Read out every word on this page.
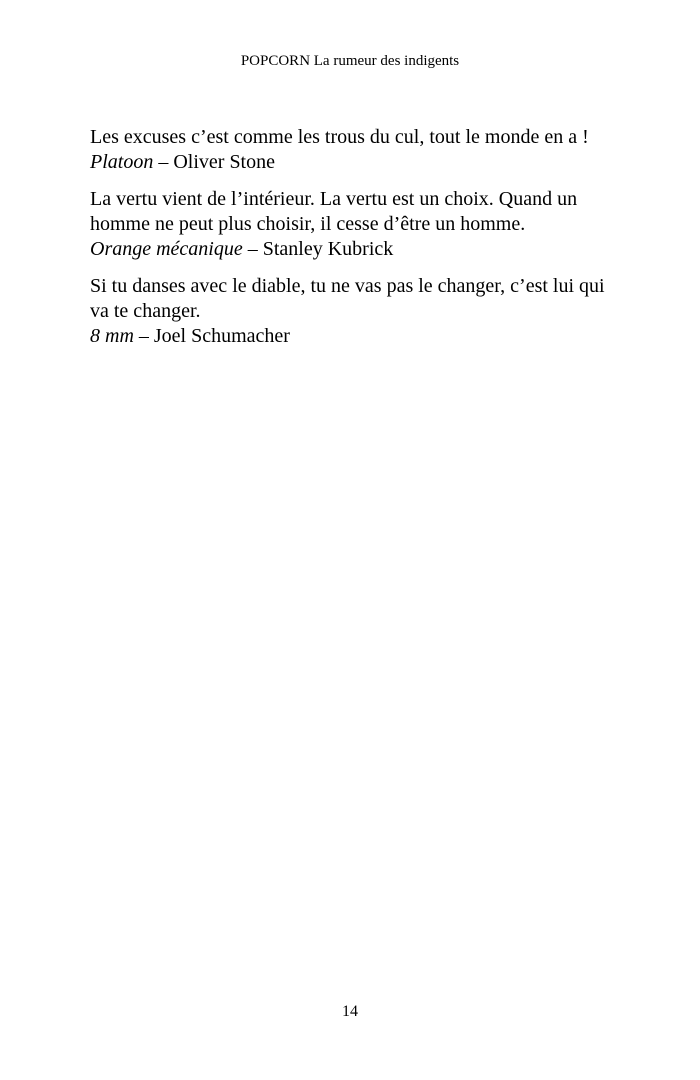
POPCORN La rumeur des indigents
Les excuses c’est comme les trous du cul, tout le monde en a !
Platoon – Oliver Stone
La vertu vient de l’intérieur. La vertu est un choix. Quand un homme ne peut plus choisir, il cesse d’être un homme.
Orange mécanique – Stanley Kubrick
Si tu danses avec le diable, tu ne vas pas le changer, c’est lui qui va te changer.
8 mm – Joel Schumacher
14
